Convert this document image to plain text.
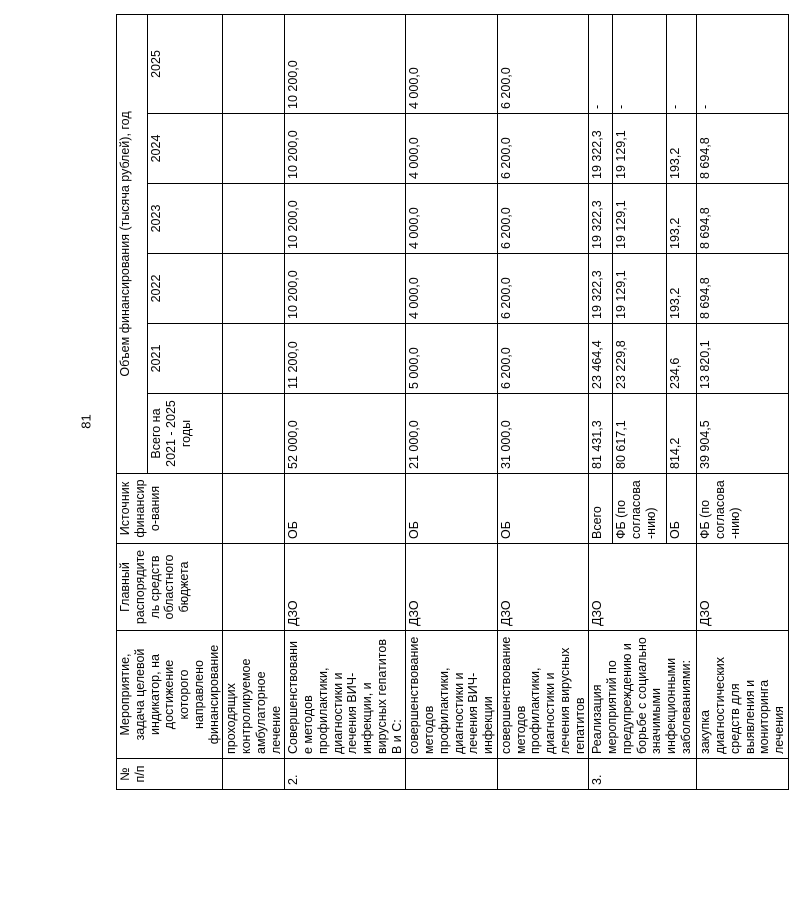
81
№ п/п	Мероприятие, задача целевой индикатор, на достижение которого направлено финансирование	Главный распорядитель средств областного бюджета	Источник финансиро-вания	Объем финансирования (тысяча рублей), год					
				Всего на 2021 - 2025 годы	2021	2022	2023	2024	2025
	проходящих контролируемое амбулаторное лечение								
2.	Совершенствование методов профилактики, диагностики и лечения ВИЧ-инфекции, и вирусных гепатитов В и С:	ДЗО	ОБ	52 000,0	11 200,0	10 200,0	10 200,0	10 200,0	10 200,0
	совершенствование методов профилактики, диагностики и лечения ВИЧ-инфекции	ДЗО	ОБ	21 000,0	5 000,0	4 000,0	4 000,0	4 000,0	4 000,0
	совершенствование методов профилактики, диагностики и лечения вирусных гепатитов	ДЗО	ОБ	31 000,0	6 200,0	6 200,0	6 200,0	6 200,0	6 200,0
3.	Реализация мероприятий по предупреждению и борьбе с социально значимыми инфекционными заболеваниями:	ДЗО	Всего	81 431,3	23 464,4	19 322,3	19 322,3	19 322,3	-
			ФБ (по согласова-нию)	80 617,1	23 229,8	19 129,1	19 129,1	19 129,1	-
			ОБ	814,2	234,6	193,2	193,2	193,2	-
	закупка диагностических средств для выявления и мониторинга лечения	ДЗО	ФБ (по согласова-нию)	39 904,5	13 820,1	8 694,8	8 694,8	8 694,8	-
